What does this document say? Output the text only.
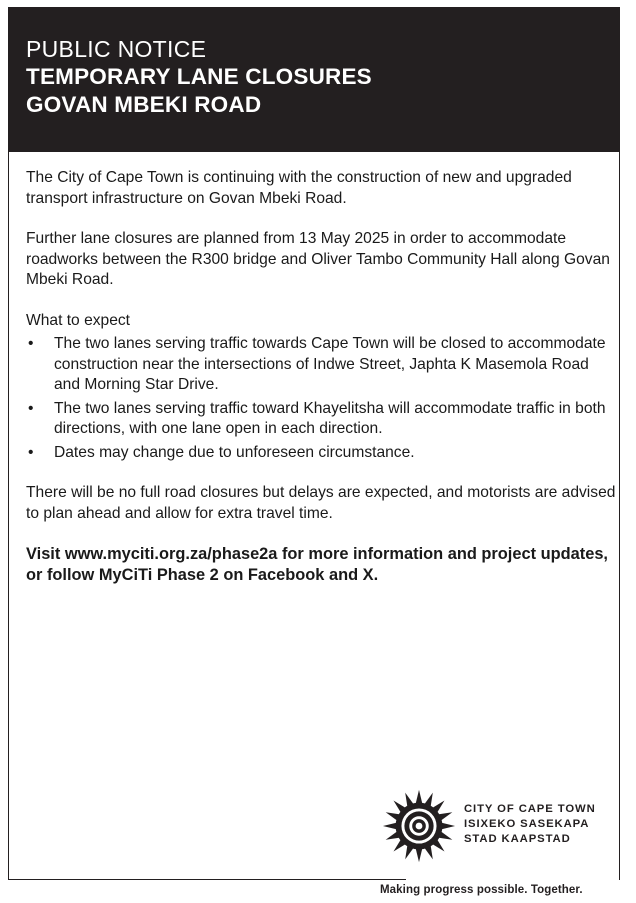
PUBLIC NOTICE
TEMPORARY LANE CLOSURES
GOVAN MBEKI ROAD

The City of Cape Town is continuing with the construction of new and upgraded transport infrastructure on Govan Mbeki Road.

Further lane closures are planned from 13 May 2025 in order to accommodate roadworks between the R300 bridge and Oliver Tambo Community Hall along Govan Mbeki Road.

What to expect
• The two lanes serving traffic towards Cape Town will be closed to accommodate construction near the intersections of Indwe Street, Japhta K Masemola Road and Morning Star Drive.
• The two lanes serving traffic toward Khayelitsha will accommodate traffic in both directions, with one lane open in each direction.
• Dates may change due to unforeseen circumstance.

There will be no full road closures but delays are expected, and motorists are advised to plan ahead and allow for extra travel time.

Visit www.myciti.org.za/phase2a for more information and project updates, or follow MyCiTi Phase 2 on Facebook and X.

CITY OF CAPE TOWN
ISIXEKO SASEKAPA
STAD KAAPSTAD
Making progress possible. Together.
